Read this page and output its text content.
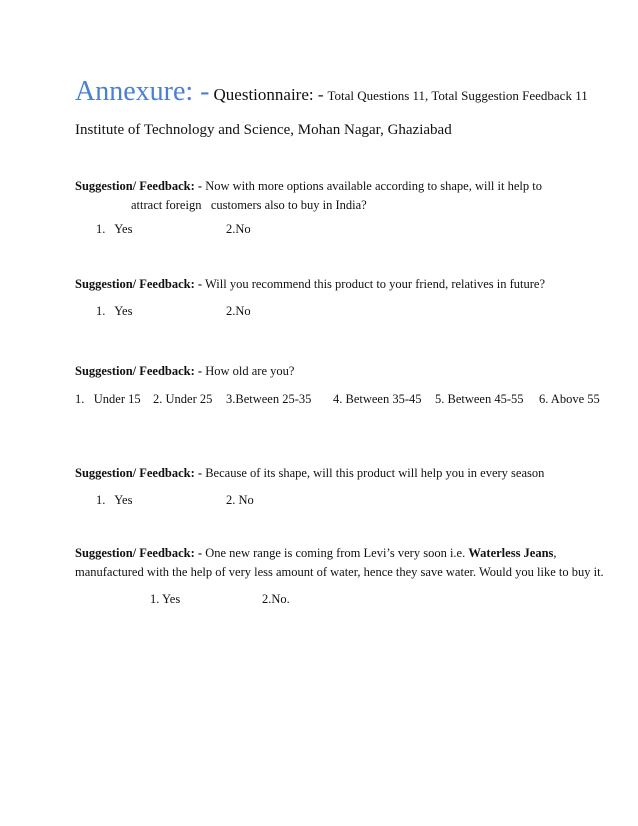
Annexure: - Questionnaire: - Total Questions 11, Total Suggestion Feedback 11
Institute of Technology and Science, Mohan Nagar, Ghaziabad
Suggestion/ Feedback: - Now with more options available according to shape, will it help to
attract foreign   customers also to buy in India?
1.   Yes	2.No
Suggestion/ Feedback: - Will you recommend this product to your friend, relatives in future?
1.   Yes	2.No
Suggestion/ Feedback: - How old are you?
1.   Under 15 2. Under 25 3.Between 25-35 4. Between 35-45 5. Between 45-55 6. Above 55
Suggestion/ Feedback: - Because of its shape, will this product will help you in every season
1.   Yes	2. No
Suggestion/ Feedback: - One new range is coming from Levi’s very soon i.e. Waterless Jeans,
manufactured with the help of very less amount of water, hence they save water. Would you like to buy it.
1. Yes	2.No.
